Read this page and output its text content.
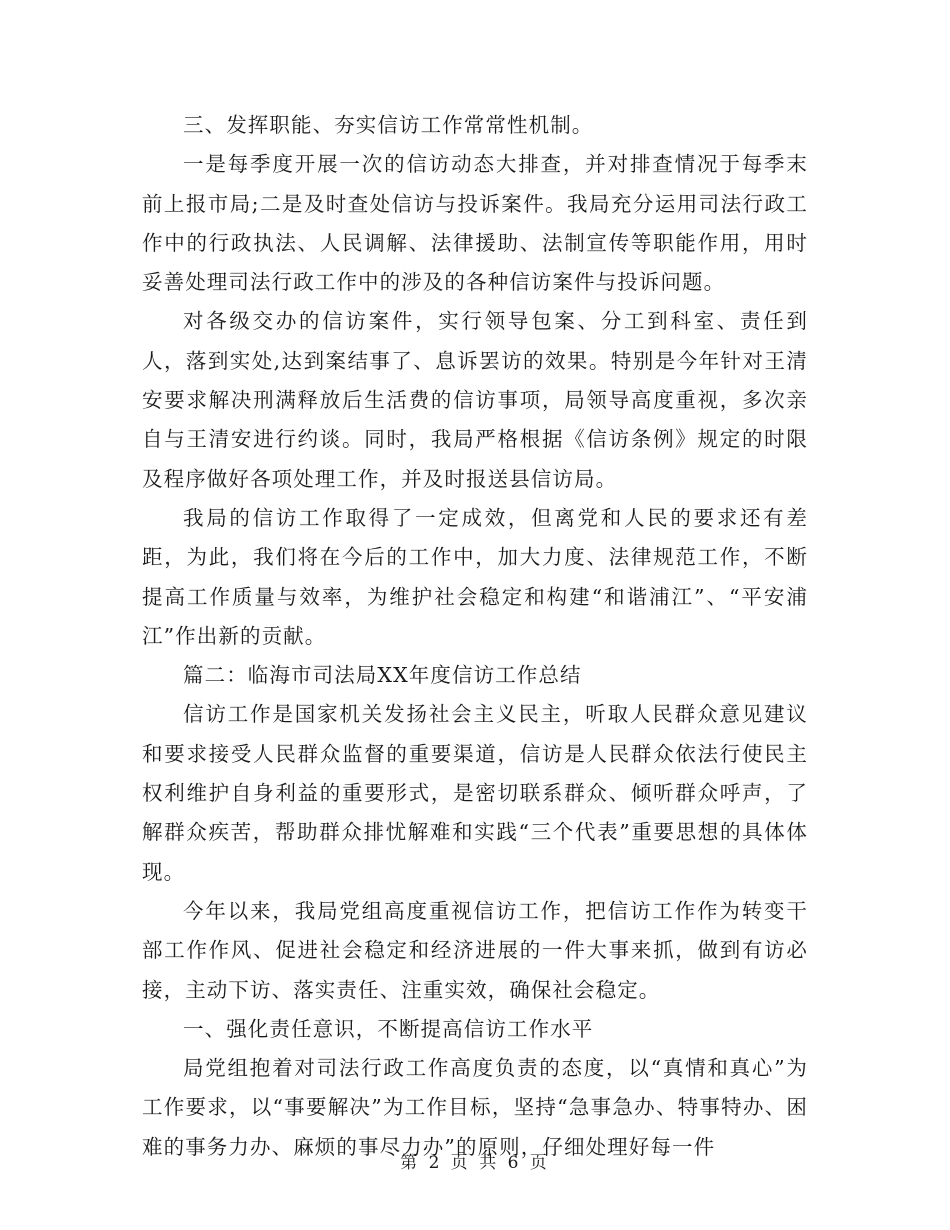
三、发挥职能、夯实信访工作常常性机制。

一是每季度开展一次的信访动态大排查，并对排查情况于每季末前上报市局;二是及时查处信访与投诉案件。我局充分运用司法行政工作中的行政执法、人民调解、法律援助、法制宣传等职能作用，用时妥善处理司法行政工作中的涉及的各种信访案件与投诉问题。

对各级交办的信访案件，实行领导包案、分工到科室、责任到人，落到实处,达到案结事了、息诉罢访的效果。特别是今年针对王清安要求解决刑满释放后生活费的信访事项，局领导高度重视，多次亲自与王清安进行约谈。同时，我局严格根据《信访条例》规定的时限及程序做好各项处理工作，并及时报送县信访局。

我局的信访工作取得了一定成效，但离党和人民的要求还有差距，为此，我们将在今后的工作中，加大力度、法律规范工作，不断提高工作质量与效率，为维护社会稳定和构建“和谐浦江”、“平安浦江”作出新的贡献。

篇二：临海市司法局XX年度信访工作总结

信访工作是国家机关发扬社会主义民主，听取人民群众意见建议和要求接受人民群众监督的重要渠道，信访是人民群众依法行使民主权利维护自身利益的重要形式，是密切联系群众、倾听群众呼声，了解群众疾苦，帮助群众排忧解难和实践“三个代表”重要思想的具体体现。

今年以来，我局党组高度重视信访工作，把信访工作作为转变干部工作作风、促进社会稳定和经济进展的一件大事来抓，做到有访必接，主动下访、落实责任、注重实效，确保社会稳定。

一、强化责任意识，不断提高信访工作水平

局党组抱着对司法行政工作高度负责的态度，以“真情和真心”为工作要求，以“事要解决”为工作目标，坚持“急事急办、特事特办、困难的事务力办、麻烦的事尽力办”的原则，仔细处理好每一件

第 2 页 共 6 页
